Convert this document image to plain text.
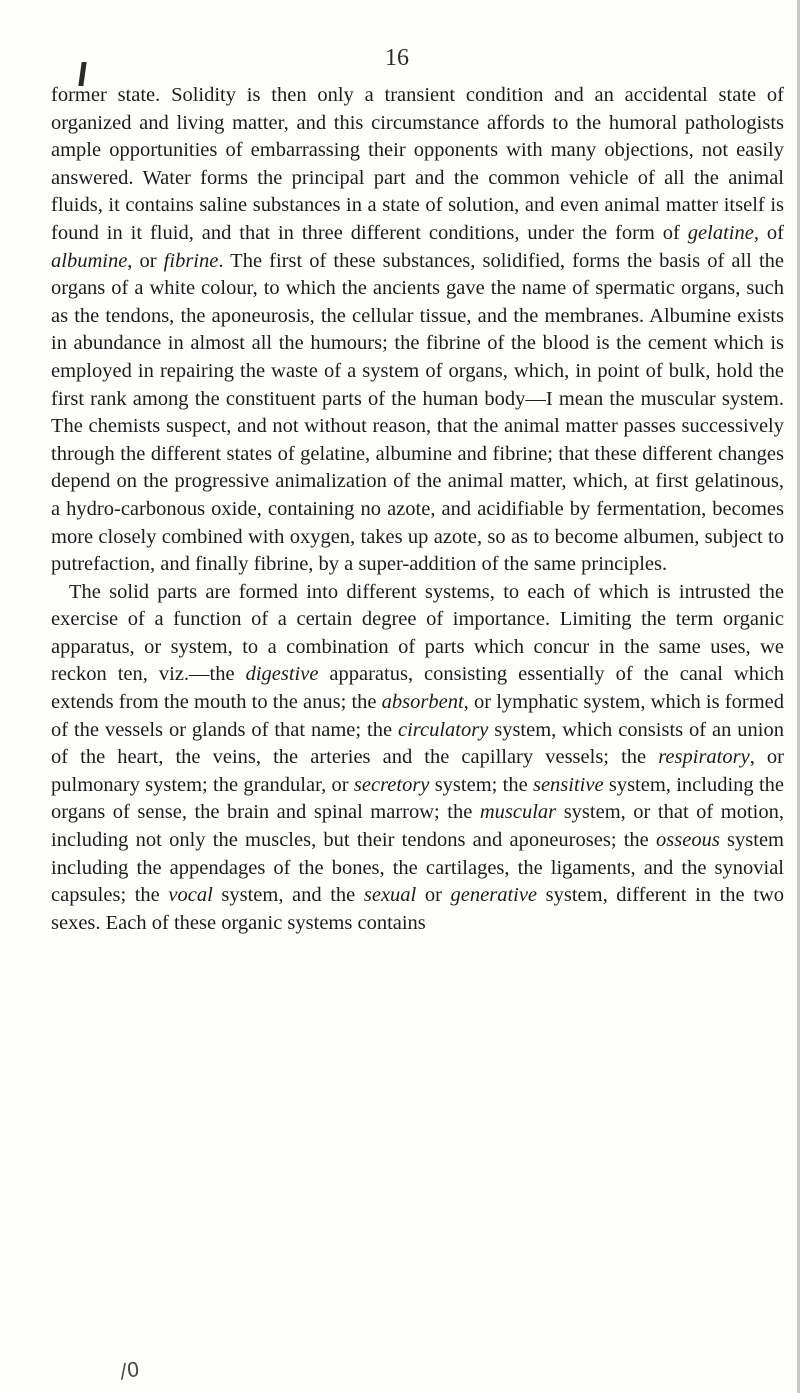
16

former state. Solidity is then only a transient condition and an accidental state of organized and living matter, and this circumstance affords to the humoral pathologists ample opportunities of embarrassing their opponents with many objections, not easily answered. Water forms the principal part and the common vehicle of all the animal fluids, it contains saline substances in a state of solution, and even animal matter itself is found in it fluid, and that in three different conditions, under the form of gelatine, of albumine, or fibrine. The first of these substances, solidified, forms the basis of all the organs of a white colour, to which the ancients gave the name of spermatic organs, such as the tendons, the aponeurosis, the cellular tissue, and the membranes. Albumine exists in abundance in almost all the humours; the fibrine of the blood is the cement which is employed in repairing the waste of a system of organs, which, in point of bulk, hold the first rank among the constituent parts of the human body—I mean the muscular system. The chemists suspect, and not without reason, that the animal matter passes successively through the different states of gelatine, albumine and fibrine; that these different changes depend on the progressive animalization of the animal matter, which, at first gelatinous, a hydro-carbonous oxide, containing no azote, and acidifiable by fermentation, becomes more closely combined with oxygen, takes up azote, so as to become albumen, subject to putrefaction, and finally fibrine, by a super-addition of the same principles.

The solid parts are formed into different systems, to each of which is intrusted the exercise of a function of a certain degree of importance. Limiting the term organic apparatus, or system, to a combination of parts which concur in the same uses, we reckon ten, viz.—the digestive apparatus, consisting essentially of the canal which extends from the mouth to the anus; the absorbent, or lymphatic system, which is formed of the vessels or glands of that name; the circulatory system, which consists of an union of the heart, the veins, the arteries and the capillary vessels; the respiratory, or pulmonary system; the grandular, or secretory system; the sensitive system, including the organs of sense, the brain and spinal marrow; the muscular system, or that of motion, including not only the muscles, but their tendons and aponeuroses; the osseous system including the appendages of the bones, the cartilages, the ligaments, and the synovial capsules; the vocal system, and the sexual or generative system, different in the two sexes. Each of these organic systems contains

/0
